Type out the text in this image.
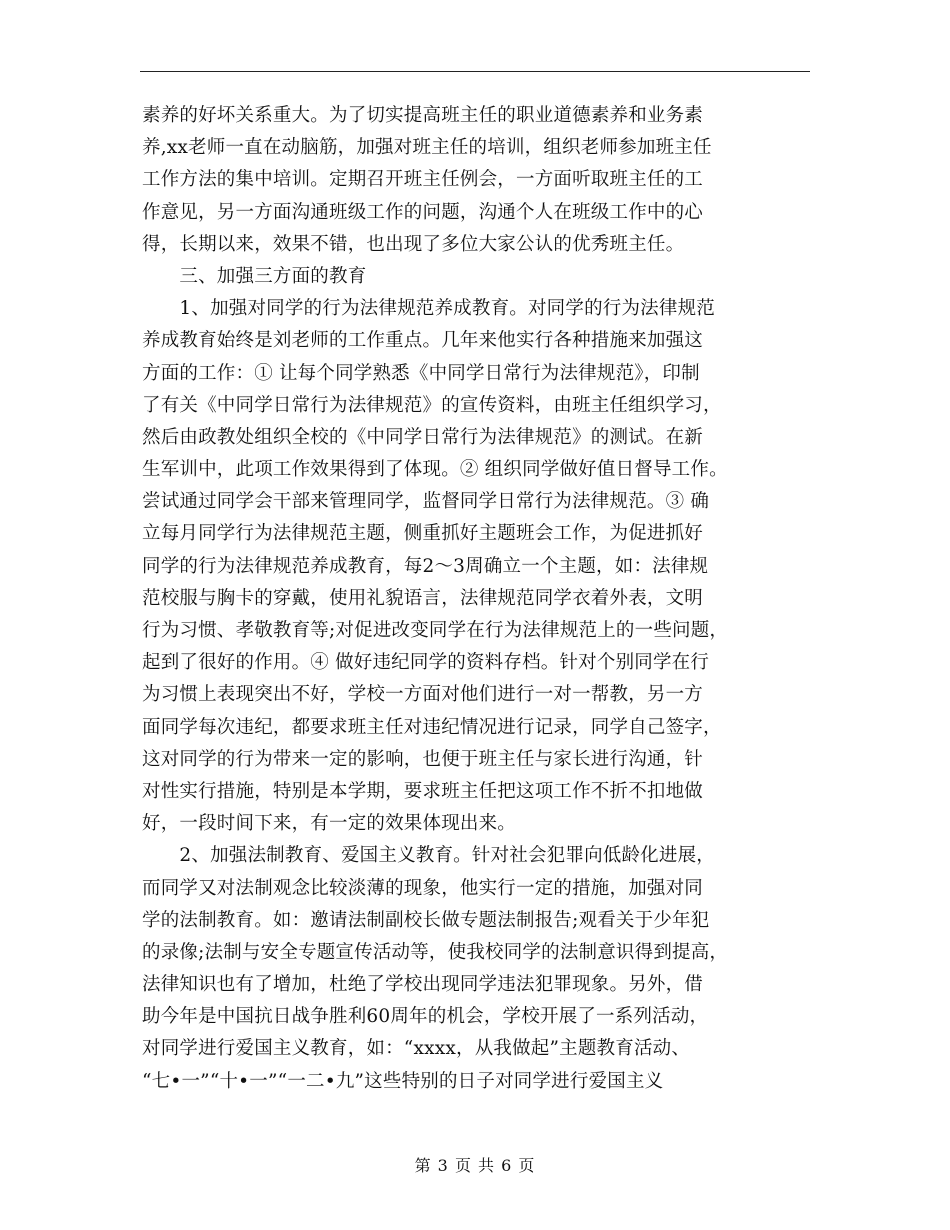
素养的好坏关系重大。为了切实提高班主任的职业道德素养和业务素
养,xx老师一直在动脑筋，加强对班主任的培训，组织老师参加班主任
工作方法的集中培训。定期召开班主任例会，一方面听取班主任的工
作意见，另一方面沟通班级工作的问题，沟通个人在班级工作中的心
得，长期以来，效果不错，也出现了多位大家公认的优秀班主任。
　　三、加强三方面的教育
　　1、加强对同学的行为法律规范养成教育。对同学的行为法律规范
养成教育始终是刘老师的工作重点。几年来他实行各种措施来加强这
方面的工作：① 让每个同学熟悉《中同学日常行为法律规范》，印制
了有关《中同学日常行为法律规范》的宣传资料，由班主任组织学习，
然后由政教处组织全校的《中同学日常行为法律规范》的测试。在新
生军训中，此项工作效果得到了体现。② 组织同学做好值日督导工作。
尝试通过同学会干部来管理同学，监督同学日常行为法律规范。③ 确
立每月同学行为法律规范主题，侧重抓好主题班会工作，为促进抓好
同学的行为法律规范养成教育，每2～3周确立一个主题，如：法律规
范校服与胸卡的穿戴，使用礼貌语言，法律规范同学衣着外表，文明
行为习惯、孝敬教育等;对促进改变同学在行为法律规范上的一些问题，
起到了很好的作用。④ 做好违纪同学的资料存档。针对个别同学在行
为习惯上表现突出不好，学校一方面对他们进行一对一帮教，另一方
面同学每次违纪，都要求班主任对违纪情况进行记录，同学自己签字，
这对同学的行为带来一定的影响，也便于班主任与家长进行沟通，针
对性实行措施，特别是本学期，要求班主任把这项工作不折不扣地做
好，一段时间下来，有一定的效果体现出来。
　　2、加强法制教育、爱国主义教育。针对社会犯罪向低龄化进展，
而同学又对法制观念比较淡薄的现象，他实行一定的措施，加强对同
学的法制教育。如：邀请法制副校长做专题法制报告;观看关于少年犯
的录像;法制与安全专题宣传活动等，使我校同学的法制意识得到提高，
法律知识也有了增加，杜绝了学校出现同学违法犯罪现象。另外，借
助今年是中国抗日战争胜利60周年的机会，学校开展了一系列活动，
对同学进行爱国主义教育，如：“xxxx，从我做起”主题教育活动、
“七•一”“十•一”“一二•九”这些特别的日子对同学进行爱国主义
第 3 页 共 6 页
